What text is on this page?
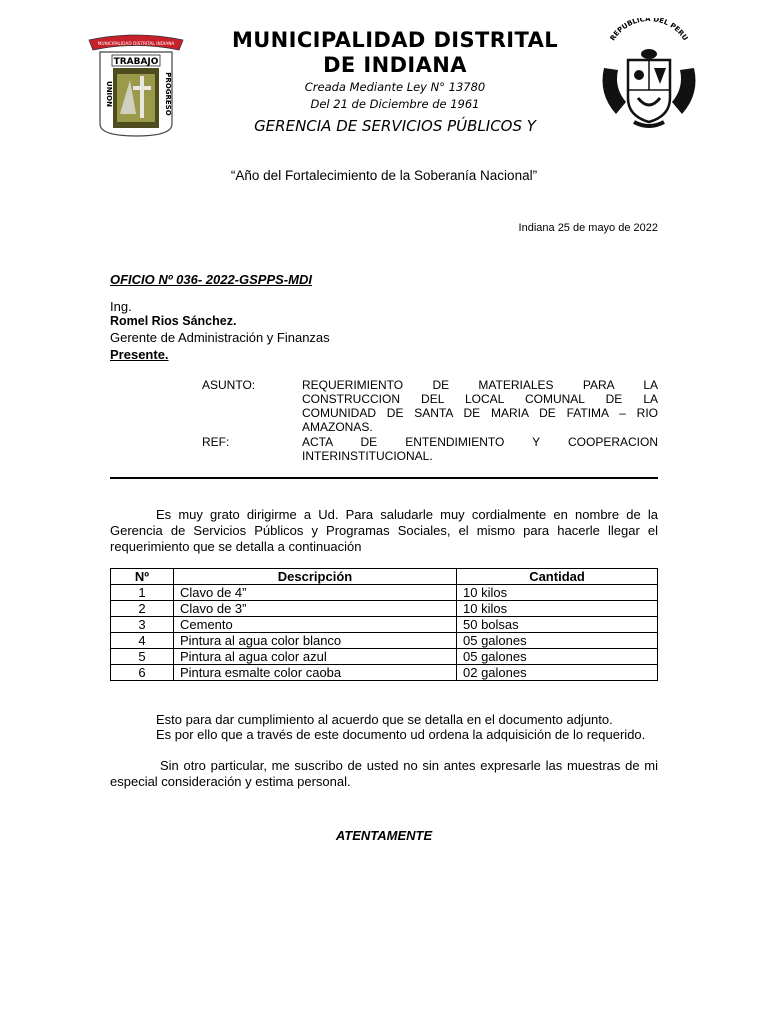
MUNICIPALIDAD DISTRITAL INDIANA
TRABAJO
UNION	PROGRESO
MUNICIPALIDAD DISTRITAL
DE INDIANA
Creada Mediante Ley N° 13780
Del 21 de Diciembre de 1961
GERENCIA DE SERVICIOS PÚBLICOS Y
REPUBLICA DEL PERU
“Año del Fortalecimiento de la Soberanía Nacional”
Indiana 25 de mayo de 2022
OFICIO Nº 036- 2022-GSPPS-MDI
Ing.
Romel Rios Sánchez.
Gerente de Administración y Finanzas
Presente.
ASUNTO:	REQUERIMIENTO DE MATERIALES PARA LA
CONSTRUCCION DEL LOCAL COMUNAL DE LA
COMUNIDAD DE SANTA DE MARIA DE FATIMA – RIO
AMAZONAS.
REF:	ACTA DE ENTENDIMIENTO Y COOPERACION
INTERINSTITUCIONAL.
Es muy grato dirigirme a Ud. Para saludarle muy cordialmente en nombre de la Gerencia de Servicios Públicos y Programas Sociales, el mismo para hacerle llegar el requerimiento que se detalla a continuación
Nº	Descripción	Cantidad
1	Clavo de 4”	10 kilos
2	Clavo de 3”	10 kilos
3	Cemento	50 bolsas
4	Pintura al agua color blanco	05 galones
5	Pintura al agua color azul	05 galones
6	Pintura esmalte color caoba	02 galones
Esto para dar cumplimiento al acuerdo que se detalla en el documento adjunto.
Es por ello que a través de este documento ud ordena la adquisición de lo requerido.
Sin otro particular, me suscribo de usted no sin antes expresarle las muestras de mi especial consideración y estima personal.
ATENTAMENTE
